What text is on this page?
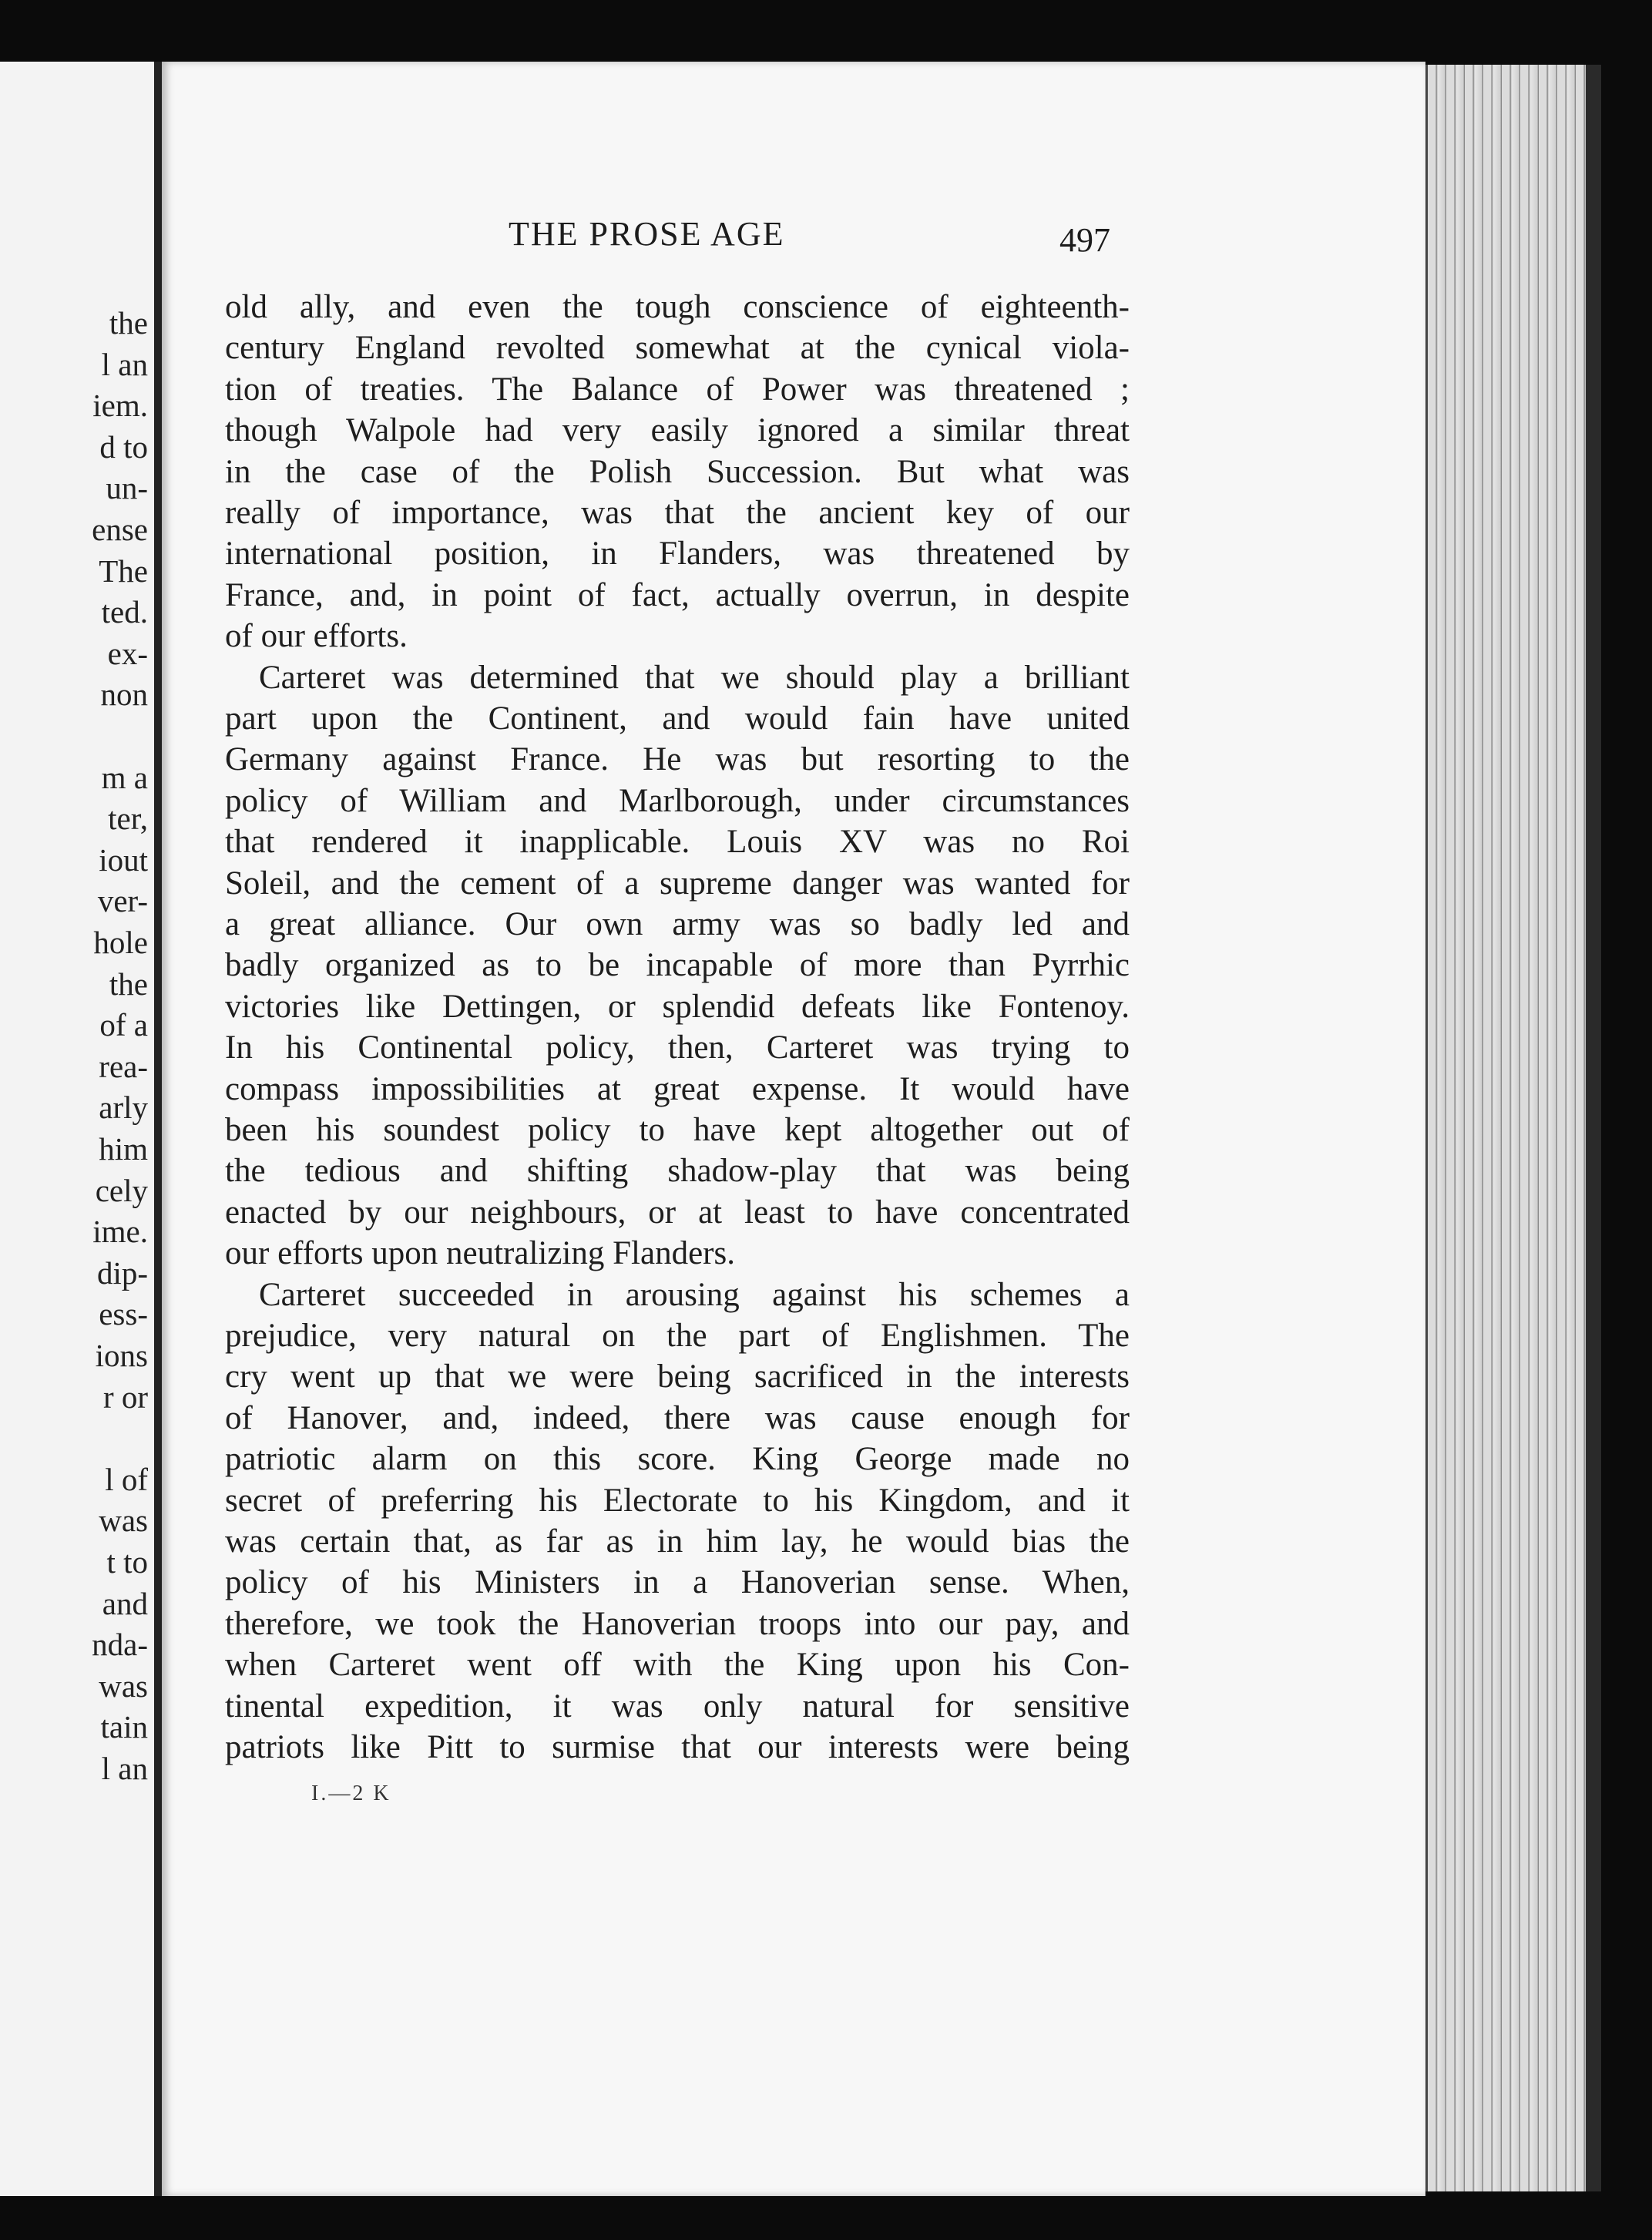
the
l an
iem.
d to
un-
ense
The
ted.
ex-
non
m a
ter,
iout
ver-
hole
the
of a
rea-
arly
him
cely
ime.
dip-
ess-
ions
r or
l of
was
t to
and
nda-
was
tain
l an
THE PROSE AGE	497
I.—2 K
old ally, and even the tough conscience of eighteenth-
century England revolted somewhat at the cynical viola-
tion of treaties. The Balance of Power was threatened ;
though Walpole had very easily ignored a similar threat
in the case of the Polish Succession. But what was
really of importance, was that the ancient key of our
international position, in Flanders, was threatened by
France, and, in point of fact, actually overrun, in despite
of our efforts.
Carteret was determined that we should play a brilliant
part upon the Continent, and would fain have united
Germany against France. He was but resorting to the
policy of William and Marlborough, under circumstances
that rendered it inapplicable. Louis XV was no Roi
Soleil, and the cement of a supreme danger was wanted for
a great alliance. Our own army was so badly led and
badly organized as to be incapable of more than Pyrrhic
victories like Dettingen, or splendid defeats like Fontenoy.
In his Continental policy, then, Carteret was trying to
compass impossibilities at great expense. It would have
been his soundest policy to have kept altogether out of
the tedious and shifting shadow-play that was being
enacted by our neighbours, or at least to have concentrated
our efforts upon neutralizing Flanders.
Carteret succeeded in arousing against his schemes a
prejudice, very natural on the part of Englishmen. The
cry went up that we were being sacrificed in the interests
of Hanover, and, indeed, there was cause enough for
patriotic alarm on this score. King George made no
secret of preferring his Electorate to his Kingdom, and it
was certain that, as far as in him lay, he would bias the
policy of his Ministers in a Hanoverian sense. When,
therefore, we took the Hanoverian troops into our pay, and
when Carteret went off with the King upon his Con-
tinental expedition, it was only natural for sensitive
patriots like Pitt to surmise that our interests were being
